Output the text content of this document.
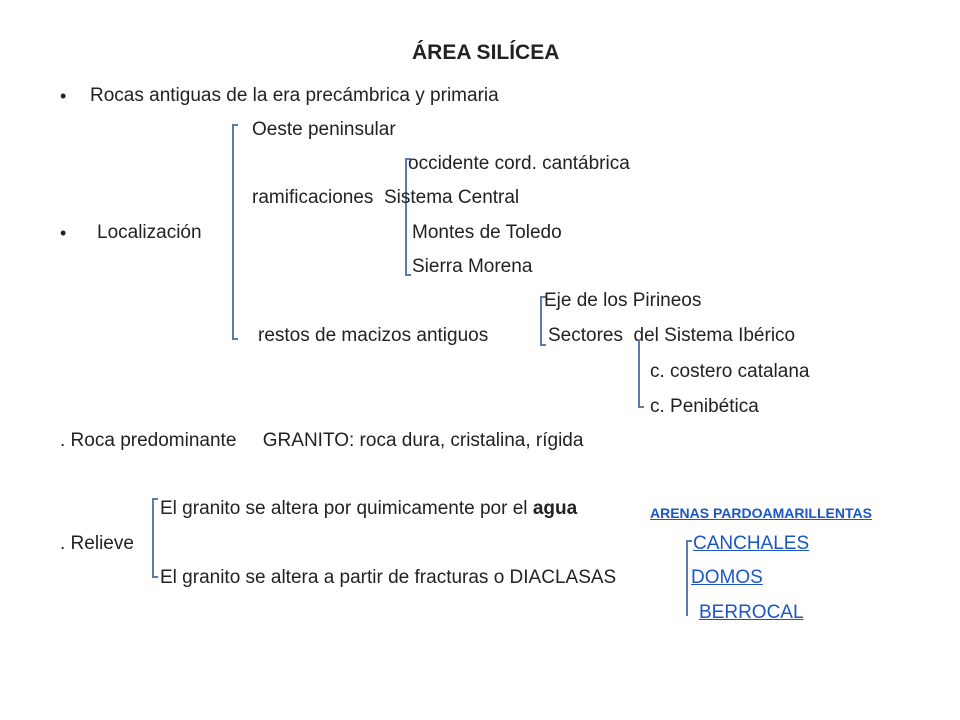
ÁREA SILÍCEA
• Rocas antiguas de la era precámbrica y primaria
Oeste peninsular
occidente cord. cantábrica
ramificaciones  Sistema Central
• Localización	Montes de Toledo
Sierra Morena
Eje de los Pirineos
restos de macizos antiguos	Sectores  del Sistema Ibérico
c. costero catalana
c. Penibética
. Roca predominante     GRANITO: roca dura, cristalina, rígida
El granito se altera por quimicamente por el agua	ARENAS PARDOAMARILLENTAS
. Relieve	CANCHALES
El granito se altera a partir de fracturas o DIACLASAS	DOMOS
BERROCAL
